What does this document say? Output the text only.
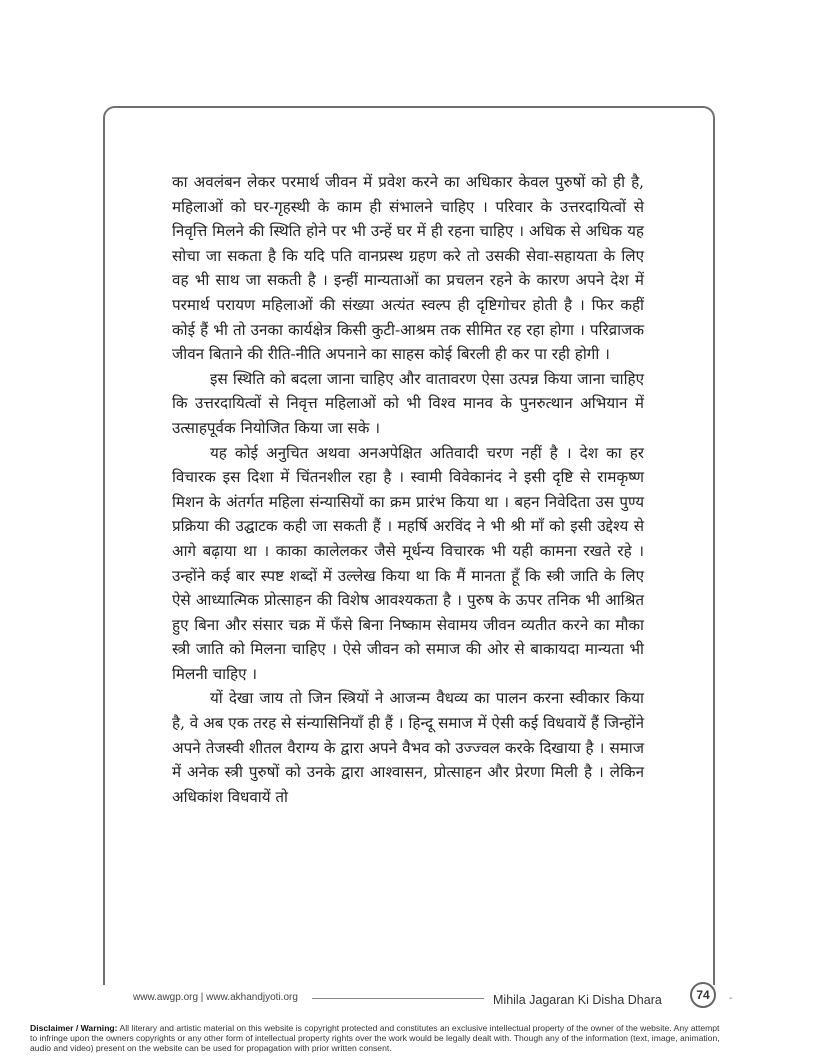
का अवलंबन लेकर परमार्थ जीवन में प्रवेश करने का अधिकार केवल पुरुषों को ही है, महिलाओं को घर-गृहस्थी के काम ही संभालने चाहिए । परिवार के उत्तरदायित्वों से निवृत्ति मिलने की स्थिति होने पर भी उन्हें घर में ही रहना चाहिए । अधिक से अधिक यह सोचा जा सकता है कि यदि पति वानप्रस्थ ग्रहण करे तो उसकी सेवा-सहायता के लिए वह भी साथ जा सकती है । इन्हीं मान्यताओं का प्रचलन रहने के कारण अपने देश में परमार्थ परायण महिलाओं की संख्या अत्यंत स्वल्प ही दृष्टिगोचर होती है । फिर कहीं कोई हैं भी तो उनका कार्यक्षेत्र किसी कुटी-आश्रम तक सीमित रह रहा होगा । परिव्राजक जीवन बिताने की रीति-नीति अपनाने का साहस कोई बिरली ही कर पा रही होगी ।

इस स्थिति को बदला जाना चाहिए और वातावरण ऐसा उत्पन्न किया जाना चाहिए कि उत्तरदायित्वों से निवृत्त महिलाओं को भी विश्व मानव के पुनरुत्थान अभियान में उत्साहपूर्वक नियोजित किया जा सके ।

यह कोई अनुचित अथवा अनअपेक्षित अतिवादी चरण नहीं है । देश का हर विचारक इस दिशा में चिंतनशील रहा है । स्वामी विवेकानंद ने इसी दृष्टि से रामकृष्ण मिशन के अंतर्गत महिला संन्यासियों का क्रम प्रारंभ किया था । बहन निवेदिता उस पुण्य प्रक्रिया की उद्घाटक कही जा सकती हैं । महर्षि अरविंद ने भी श्री माँ को इसी उद्देश्य से आगे बढ़ाया था । काका कालेलकर जैसे मूर्धन्य विचारक भी यही कामना रखते रहे । उन्होंने कई बार स्पष्ट शब्दों में उल्लेख किया था कि मैं मानता हूँ कि स्त्री जाति के लिए ऐसे आध्यात्मिक प्रोत्साहन की विशेष आवश्यकता है । पुरुष के ऊपर तनिक भी आश्रित हुए बिना और संसार चक्र में फँसे बिना निष्काम सेवामय जीवन व्यतीत करने का मौका स्त्री जाति को मिलना चाहिए । ऐसे जीवन को समाज की ओर से बाकायदा मान्यता भी मिलनी चाहिए ।

यों देखा जाय तो जिन स्त्रियों ने आजन्म वैधव्य का पालन करना स्वीकार किया है, वे अब एक तरह से संन्यासिनियाँ ही हैं । हिन्दू समाज में ऐसी कई विधवायें हैं जिन्होंने अपने तेजस्वी शीतल वैराग्य के द्वारा अपने वैभव को उज्ज्वल करके दिखाया है । समाज में अनेक स्त्री पुरुषों को उनके द्वारा आश्वासन, प्रोत्साहन और प्रेरणा मिली है । लेकिन अधिकांश विधवायें तो

www.awgp.org | www.akhandjyoti.org	Mihila Jagaran Ki Disha Dhara	74 -
Disclaimer / Warning: All literary and artistic material on this website is copyright protected and constitutes an exclusive intellectual property of the owner of the website. Any attempt to infringe upon the owners copyrights or any other form of intellectual property rights over the work would be legally dealt with. Though any of the information (text, image, animation, audio and video) present on the website can be used for propagation with prior written consent.
